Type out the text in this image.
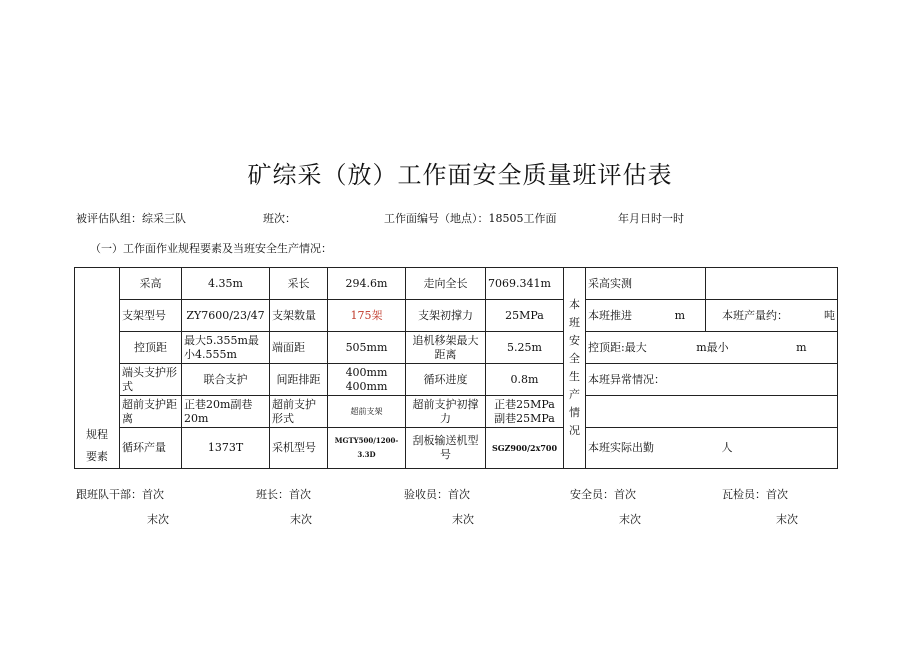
矿综采（放）工作面安全质量班评估表
被评估队组：综采三队	班次：	工作面编号（地点）：18505工作面	年月日时一时
（一）工作面作业规程要素及当班安全生产情况：
规程
要素	采高	4.35m	采长	294.6m	走向全长	7069.341m	本班安全生产情况	采高实测	
	支架型号	ZY7600/23/47	支架数量	175架	支架初撑力	25MPa		本班推进 m	本班产量约： 吨

	控顶距	最大5.355m最小4.555m	端面距	505mm	追机移架最大距离	5.25m		控顶距:最大 m最小 m	
	端头支护形式	联合支护	间距排距	400mm
400mm	循环进度	0.8m		本班异常情况：	
	超前支护距离	正巷20m副巷20m	超前支护形式	超前支架	超前支护初撑力	正巷25MPa
副巷25MPa			
	循环产量	1373T	采机型号	MGTY500/1200-3.3D	刮板输送机型号	SGZ900/2x700		本班实际出勤 人	
跟班队干部：首次	班长：首次	验收员：首次	安全员：首次	瓦检员：首次
末次	末次	末次	末次	末次
